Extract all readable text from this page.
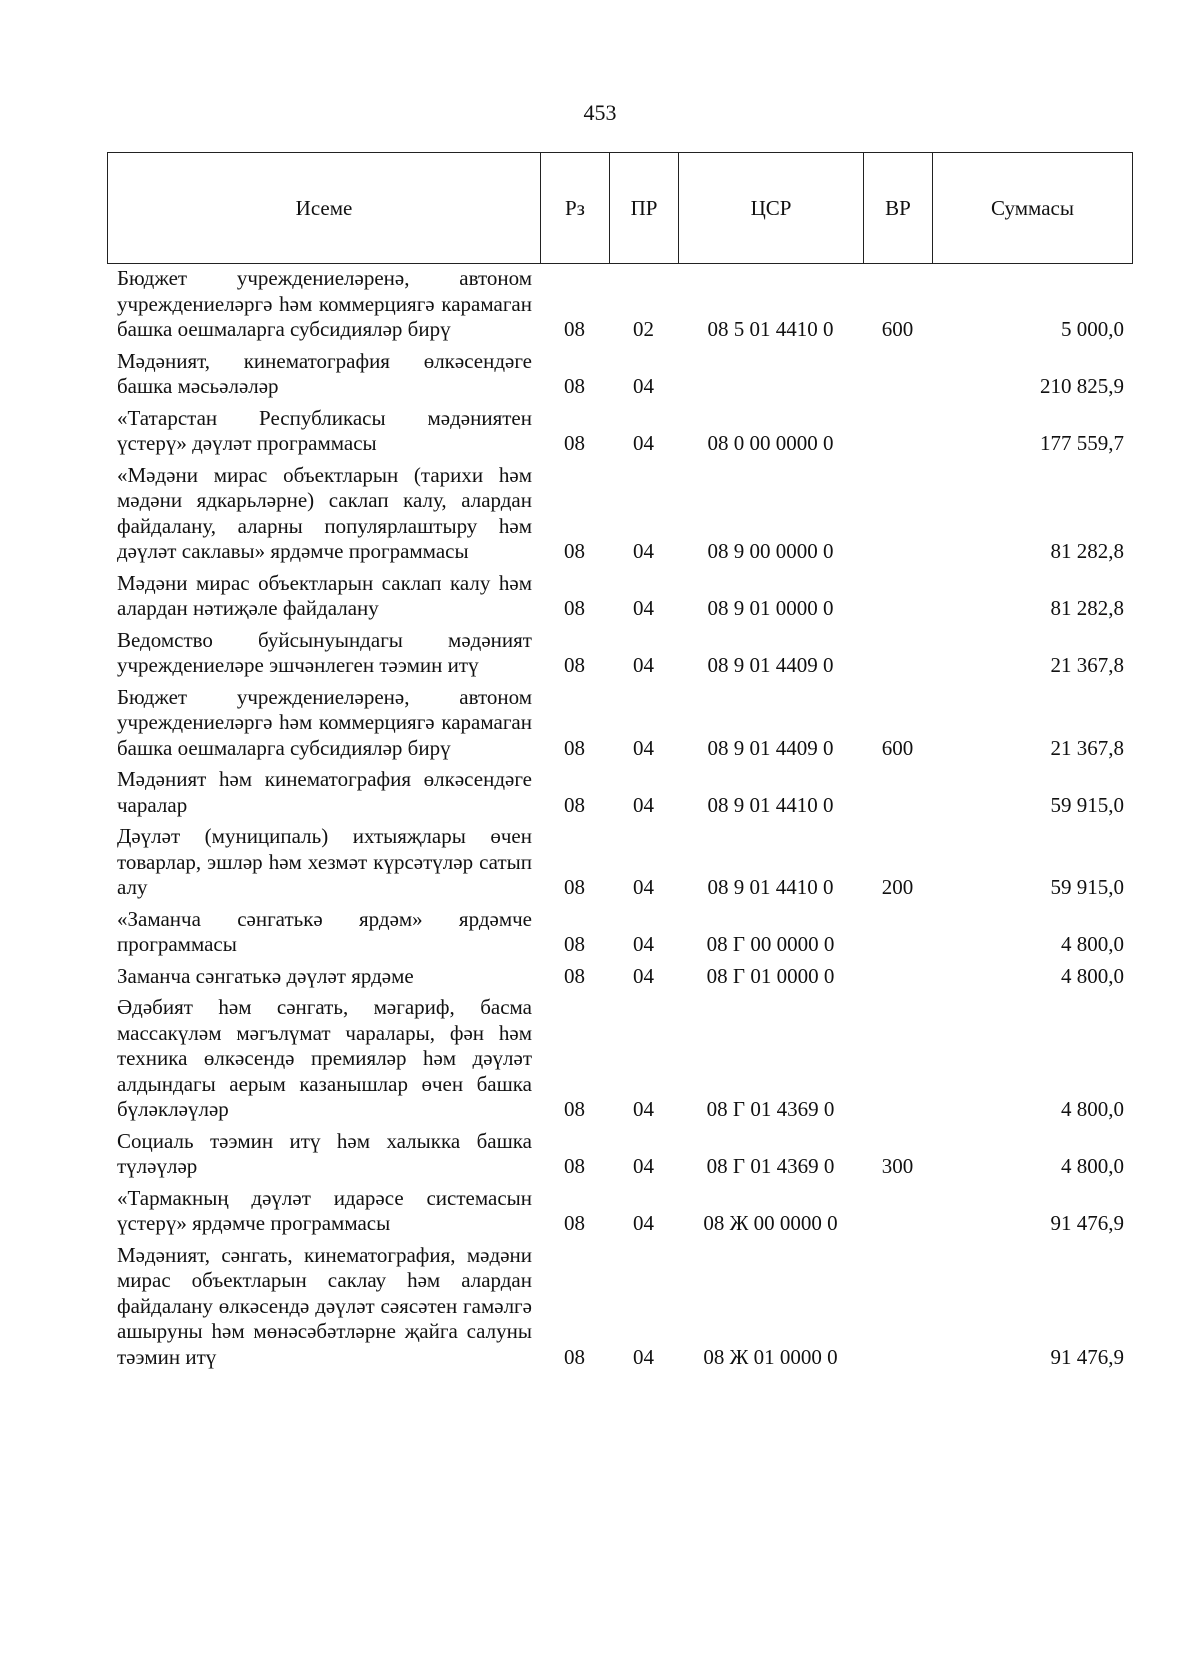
453
Исеме	Рз	ПР	ЦСР	ВР	Суммасы
Бюджет учреждениеләренә, автоном учреждениеләргә һәм коммерциягә карамаган башка оешмаларга субсидияләр бирү	08	02	08 5 01 4410 0	600	5 000,0
Мәдәният, кинематография өлкәсендәге башка мәсьәләләр	08	04			210 825,9
«Татарстан Республикасы мәдәниятен үстерү» дәүләт программасы	08	04	08 0 00 0000 0		177 559,7
«Мәдәни мирас объектларын (тарихи һәм мәдәни ядкарьләрне) саклап калу, алардан файдалану, аларны популярлаштыру һәм дәүләт саклавы» ярдәмче программасы	08	04	08 9 00 0000 0		81 282,8
Мәдәни мирас объектларын саклап калу һәм алардан нәтиҗәле файдалану	08	04	08 9 01 0000 0		81 282,8
Ведомство буйсынуындагы мәдәният учреждениеләре эшчәнлеген тәэмин итү	08	04	08 9 01 4409 0		21 367,8
Бюджет учреждениеләренә, автоном учреждениеләргә һәм коммерциягә карамаган башка оешмаларга субсидияләр бирү	08	04	08 9 01 4409 0	600	21 367,8
Мәдәният һәм кинематография өлкәсендәге чаралар	08	04	08 9 01 4410 0		59 915,0
Дәүләт (муниципаль) ихтыяҗлары өчен товарлар, эшләр һәм хезмәт күрсәтүләр сатып алу	08	04	08 9 01 4410 0	200	59 915,0
«Заманча сәнгатькә ярдәм» ярдәмче программасы	08	04	08 Г 00 0000 0		4 800,0
Заманча сәнгатькә дәүләт ярдәме	08	04	08 Г 01 0000 0		4 800,0
Әдәбият һәм сәнгать, мәгариф, басма массакүләм мәгълүмат чаралары, фән һәм техника өлкәсендә премияләр һәм дәүләт алдындагы аерым казанышлар өчен башка бүләкләүләр	08	04	08 Г 01 4369 0		4 800,0
Социаль тәэмин итү һәм халыкка башка түләүләр	08	04	08 Г 01 4369 0	300	4 800,0
«Тармакның дәүләт идарәсе системасын үстерү» ярдәмче программасы	08	04	08 Ж 00 0000 0		91 476,9
Мәдәният, сәнгать, кинематография, мәдәни мирас объектларын саклау һәм алардан файдалану өлкәсендә дәүләт сәясәтен гамәлгә ашыруны һәм мөнәсәбәтләрне җайга салуны тәэмин итү	08	04	08 Ж 01 0000 0		91 476,9
